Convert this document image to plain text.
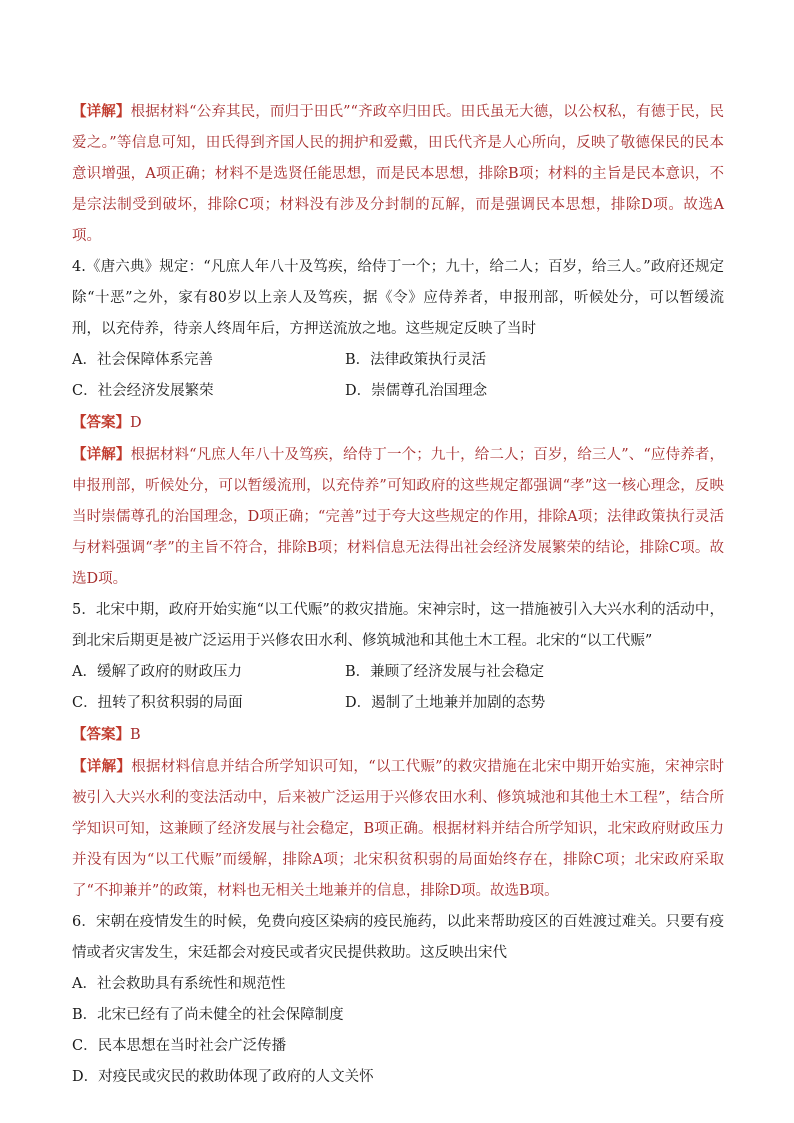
【详解】根据材料“公弃其民，而归于田氏”“齐政卒归田氏。田氏虽无大德，以公权私，有德于民，民爱之。”等信息可知，田氏得到齐国人民的拥护和爱戴，田氏代齐是人心所向，反映了敬德保民的民本意识增强，A项正确；材料不是选贤任能思想，而是民本思想，排除B项；材料的主旨是民本意识，不是宗法制受到破坏，排除C项；材料没有涉及分封制的瓦解，而是强调民本思想，排除D项。故选A项。

4.《唐六典》规定：“凡庶人年八十及笃疾，给侍丁一个；九十，给二人；百岁，给三人。”政府还规定除“十恶”之外，家有80岁以上亲人及笃疾，据《令》应侍养者，申报刑部，听候处分，可以暂缓流刑，以充侍养，待亲人终周年后，方押送流放之地。这些规定反映了当时

A．社会保障体系完善	B．法律政策执行灵活

C．社会经济发展繁荣	D．崇儒尊孔治国理念

【答案】D

【详解】根据材料“凡庶人年八十及笃疾，给侍丁一个；九十，给二人；百岁，给三人”、“应侍养者，申报刑部，听候处分，可以暂缓流刑，以充侍养”可知政府的这些规定都强调“孝”这一核心理念，反映当时崇儒尊孔的治国理念，D项正确；“完善”过于夸大这些规定的作用，排除A项；法律政策执行灵活与材料强调“孝”的主旨不符合，排除B项；材料信息无法得出社会经济发展繁荣的结论，排除C项。故选D项。

5．北宋中期，政府开始实施“以工代赈”的救灾措施。宋神宗时，这一措施被引入大兴水利的活动中，到北宋后期更是被广泛运用于兴修农田水利、修筑城池和其他土木工程。北宋的“以工代赈”

A．缓解了政府的财政压力	B．兼顾了经济发展与社会稳定

C．扭转了积贫积弱的局面	D．遏制了土地兼并加剧的态势

【答案】B

【详解】根据材料信息并结合所学知识可知，“以工代赈”的救灾措施在北宋中期开始实施，宋神宗时被引入大兴水利的变法活动中，后来被广泛运用于兴修农田水利、修筑城池和其他土木工程”，结合所学知识可知，这兼顾了经济发展与社会稳定，B项正确。根据材料并结合所学知识，北宋政府财政压力并没有因为“以工代赈”而缓解，排除A项；北宋积贫积弱的局面始终存在，排除C项；北宋政府采取了“不抑兼并”的政策，材料也无相关土地兼并的信息，排除D项。故选B项。

6．宋朝在疫情发生的时候，免费向疫区染病的疫民施药，以此来帮助疫区的百姓渡过难关。只要有疫情或者灾害发生，宋廷都会对疫民或者灾民提供救助。这反映出宋代

A．社会救助具有系统性和规范性

B．北宋已经有了尚未健全的社会保障制度

C．民本思想在当时社会广泛传播

D．对疫民或灾民的救助体现了政府的人文关怀
